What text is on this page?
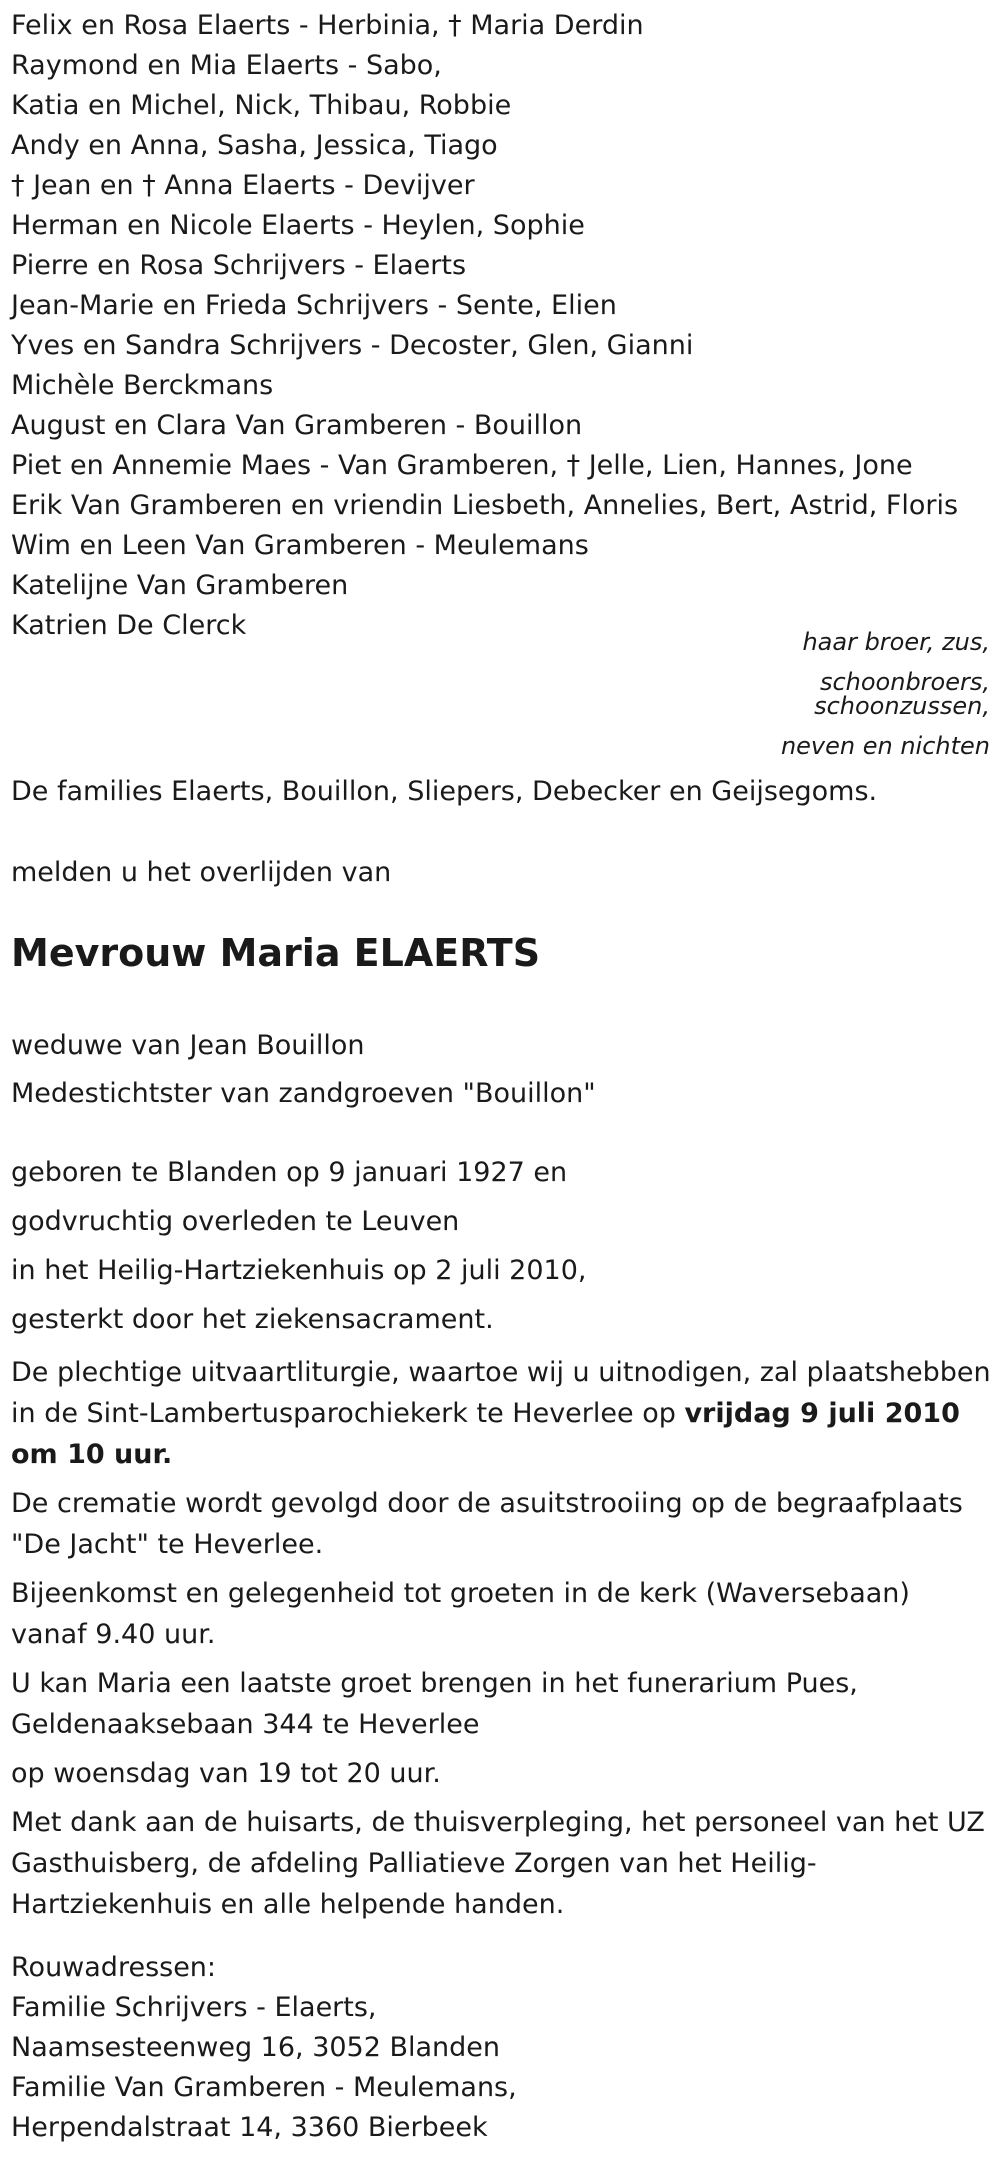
Felix en Rosa Elaerts - Herbinia, † Maria Derdin
Raymond en Mia Elaerts - Sabo,
Katia en Michel, Nick, Thibau, Robbie
Andy en Anna, Sasha, Jessica, Tiago
† Jean en † Anna Elaerts - Devijver
Herman en Nicole Elaerts - Heylen, Sophie
Pierre en Rosa Schrijvers - Elaerts
Jean-Marie en Frieda Schrijvers - Sente, Elien
Yves en Sandra Schrijvers - Decoster, Glen, Gianni
Michèle Berckmans
August en Clara Van Gramberen - Bouillon
Piet en Annemie Maes - Van Gramberen, † Jelle, Lien, Hannes, Jone
Erik Van Gramberen en vriendin Liesbeth, Annelies, Bert, Astrid, Floris
Wim en Leen Van Gramberen - Meulemans
Katelijne Van Gramberen
Katrien De Clerck
haar broer, zus,
schoonbroers,
schoonzussen,
neven en nichten
De families Elaerts, Bouillon, Sliepers, Debecker en Geijsegoms.
melden u het overlijden van
Mevrouw Maria ELAERTS
weduwe van Jean Bouillon
Medestichtster van zandgroeven "Bouillon"
geboren te Blanden op 9 januari 1927 en
godvruchtig overleden te Leuven
in het Heilig-Hartziekenhuis op 2 juli 2010,
gesterkt door het ziekensacrament.
De plechtige uitvaartliturgie, waartoe wij u uitnodigen, zal plaatshebben in de Sint-Lambertusparochiekerk te Heverlee op vrijdag 9 juli 2010 om 10 uur.
De crematie wordt gevolgd door de asuitstrooiing op de begraafplaats "De Jacht" te Heverlee.
Bijeenkomst en gelegenheid tot groeten in de kerk (Waversebaan) vanaf 9.40 uur.
U kan Maria een laatste groet brengen in het funerarium Pues, Geldenaaksebaan 344 te Heverlee
op woensdag van 19 tot 20 uur.
Met dank aan de huisarts, de thuisverpleging, het personeel van het UZ Gasthuisberg, de afdeling Palliatieve Zorgen van het Heilig-Hartziekenhuis en alle helpende handen.
Rouwadressen:
Familie Schrijvers - Elaerts,
Naamsesteenweg 16, 3052 Blanden
Familie Van Gramberen - Meulemans,
Herpendalstraat 14, 3360 Bierbeek
